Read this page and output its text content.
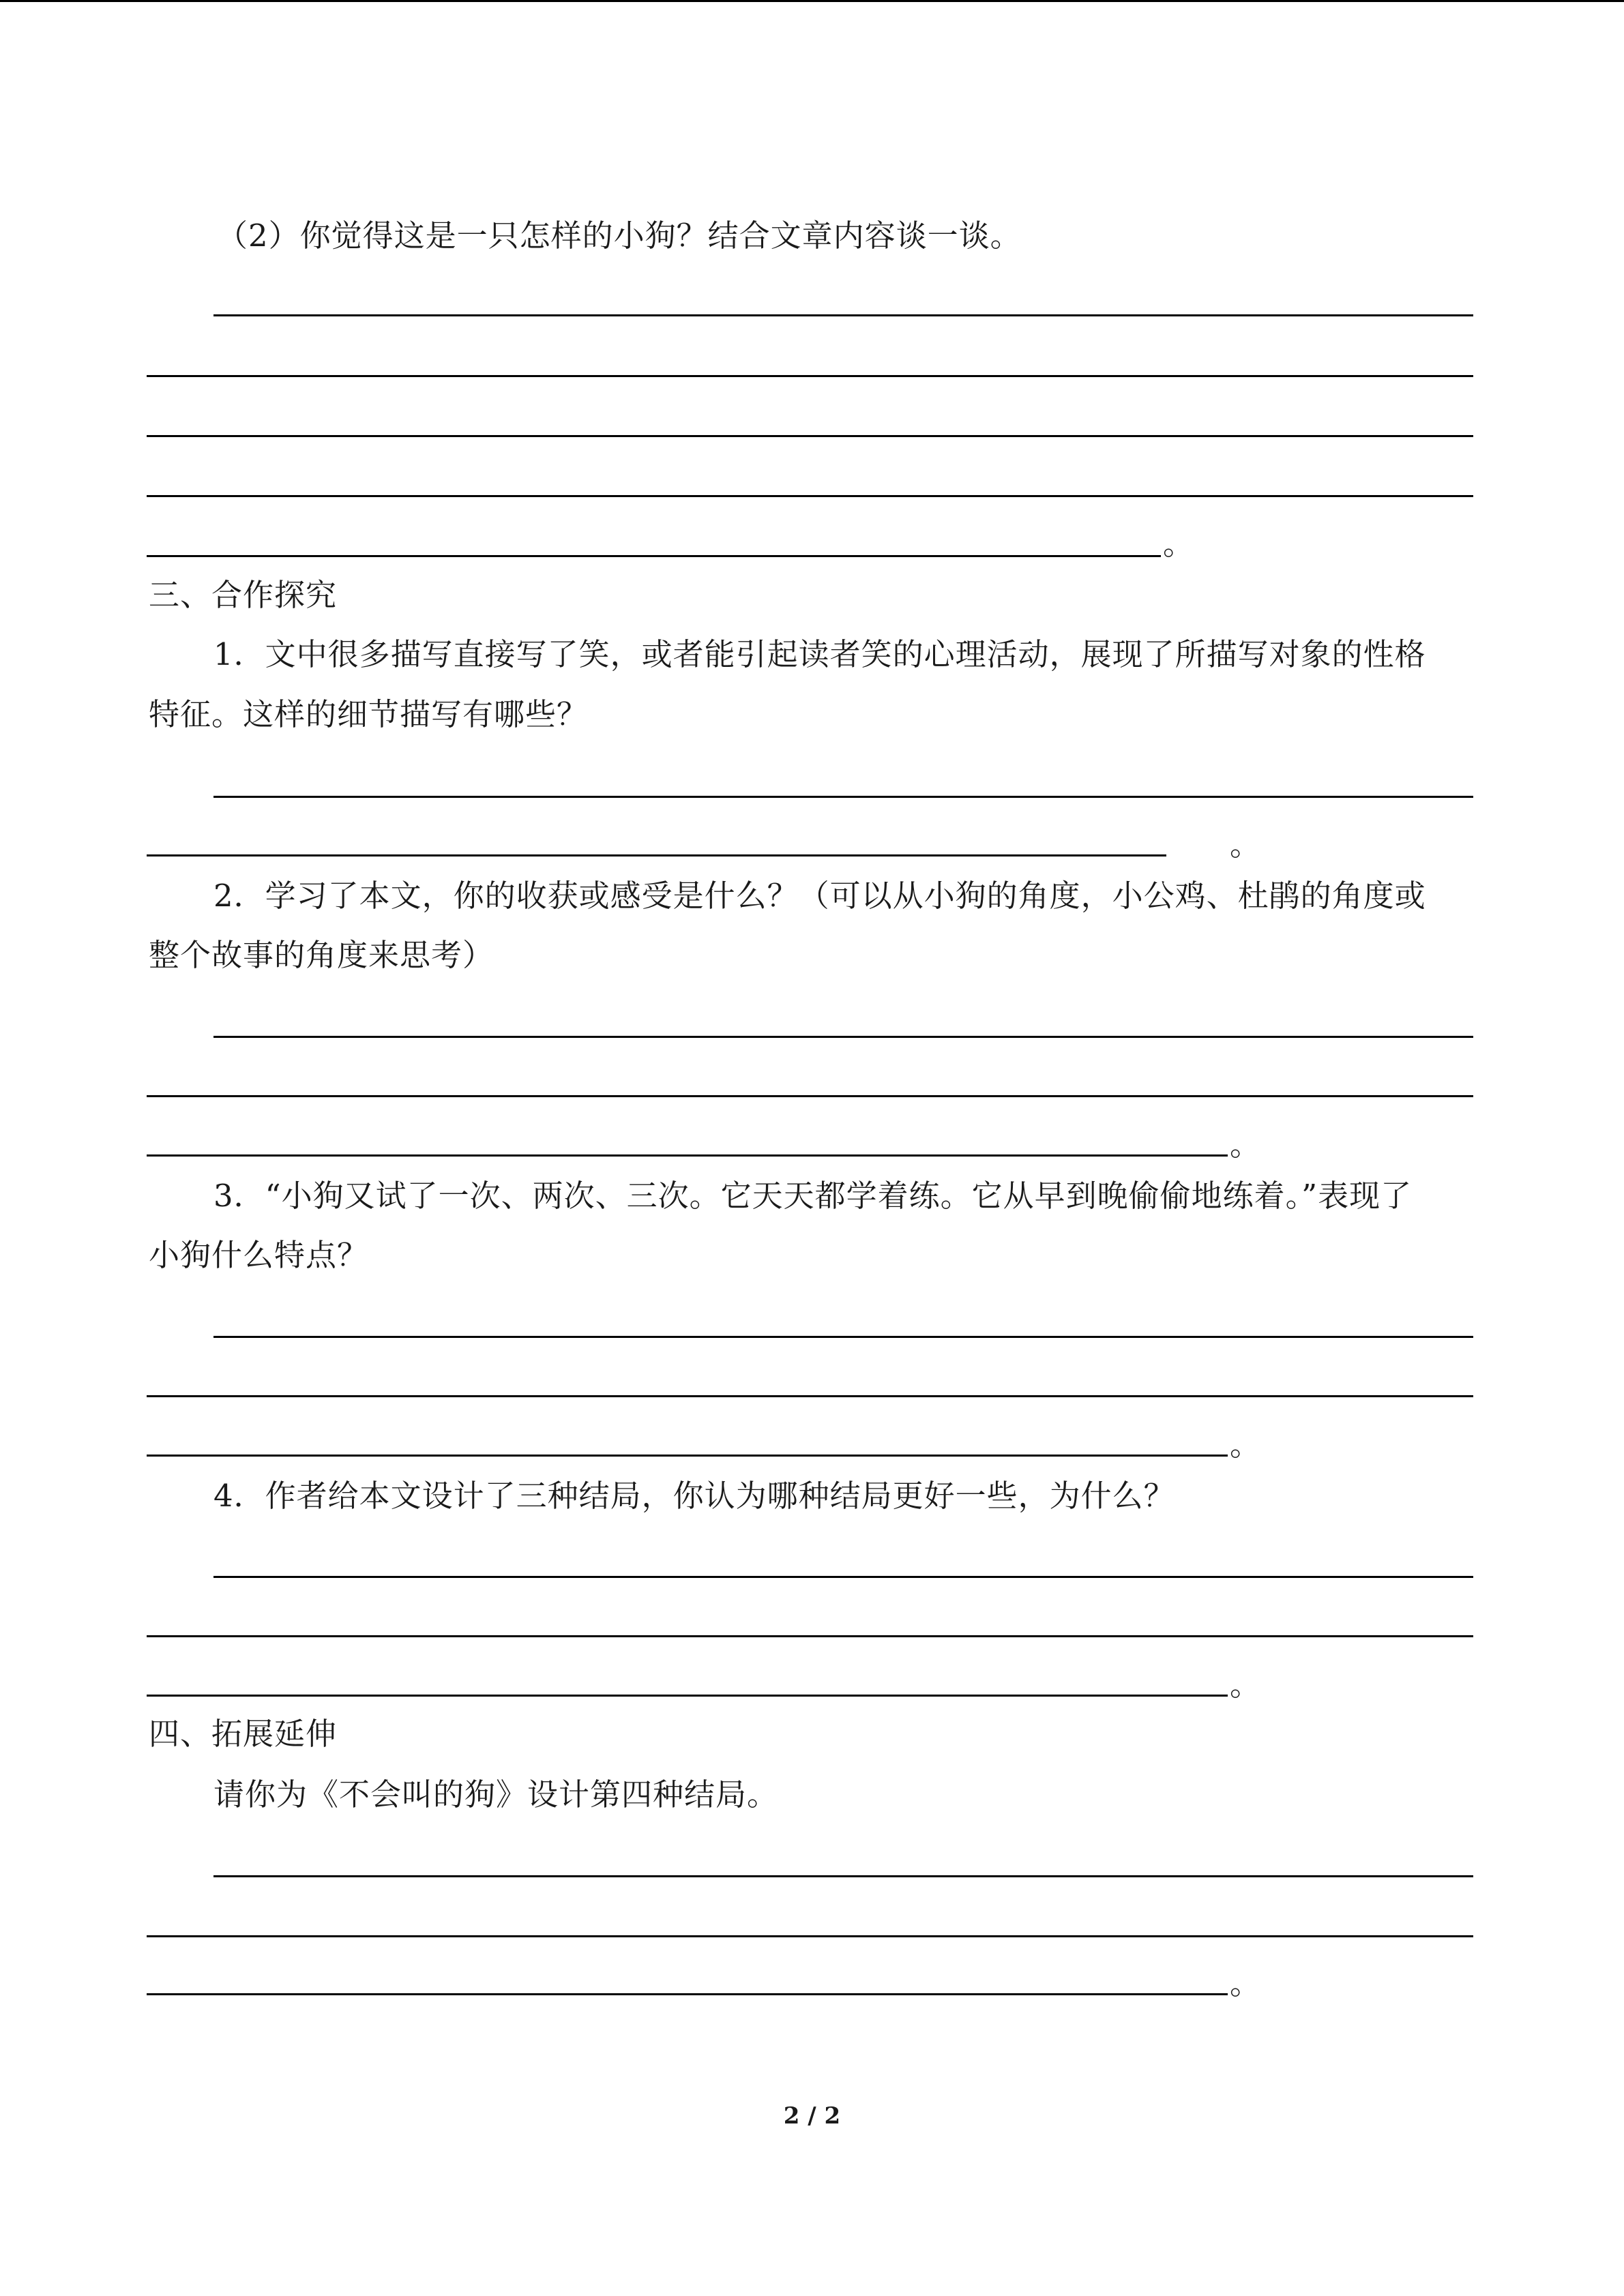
（2）你觉得这是一只怎样的小狗？结合文章内容谈一谈。
。
三、合作探究
1．文中很多描写直接写了笑，或者能引起读者笑的心理活动，展现了所描写对象的性格
特征。这样的细节描写有哪些？
。
2．学习了本文，你的收获或感受是什么？（可以从小狗的角度，小公鸡、杜鹃的角度或
整个故事的角度来思考）
。
3．“小狗又试了一次、两次、三次。它天天都学着练。它从早到晚偷偷地练着。”表现了
小狗什么特点？
。
4．作者给本文设计了三种结局，你认为哪种结局更好一些，为什么？
。
四、拓展延伸
请你为《不会叫的狗》设计第四种结局。
。
2 / 2
